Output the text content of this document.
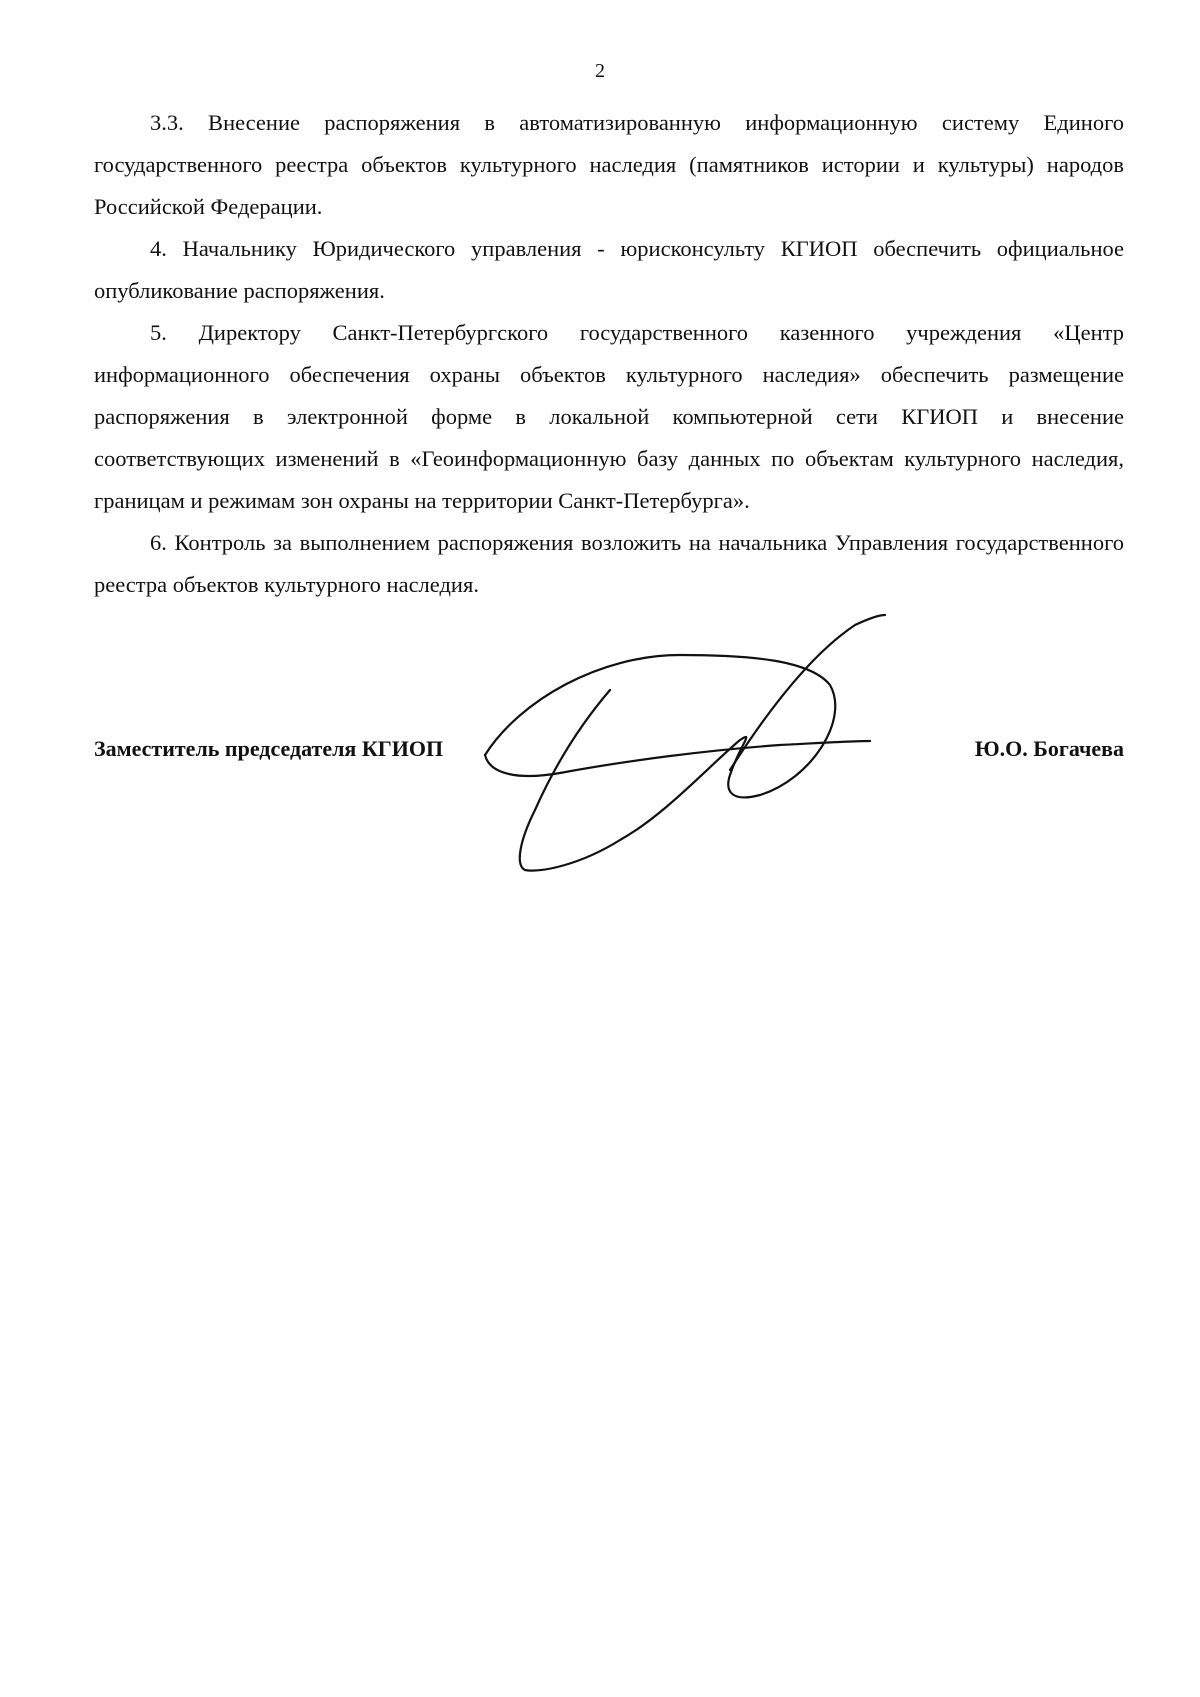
2

3.3. Внесение распоряжения в автоматизированную информационную систему Единого государственного реестра объектов культурного наследия (памятников истории и культуры) народов Российской Федерации.

4. Начальнику Юридического управления - юрисконсульту КГИОП обеспечить официальное опубликование распоряжения.

5. Директору Санкт-Петербургского государственного казенного учреждения «Центр информационного обеспечения охраны объектов культурного наследия» обеспечить размещение распоряжения в электронной форме в локальной компьютерной сети КГИОП и внесение соответствующих изменений в «Геоинформационную базу данных по объектам культурного наследия, границам и режимам зон охраны на территории Санкт-Петербурга».

6. Контроль за выполнением распоряжения возложить на начальника Управления государственного реестра объектов культурного наследия.

Заместитель председателя КГИОП	Ю.О. Богачева
